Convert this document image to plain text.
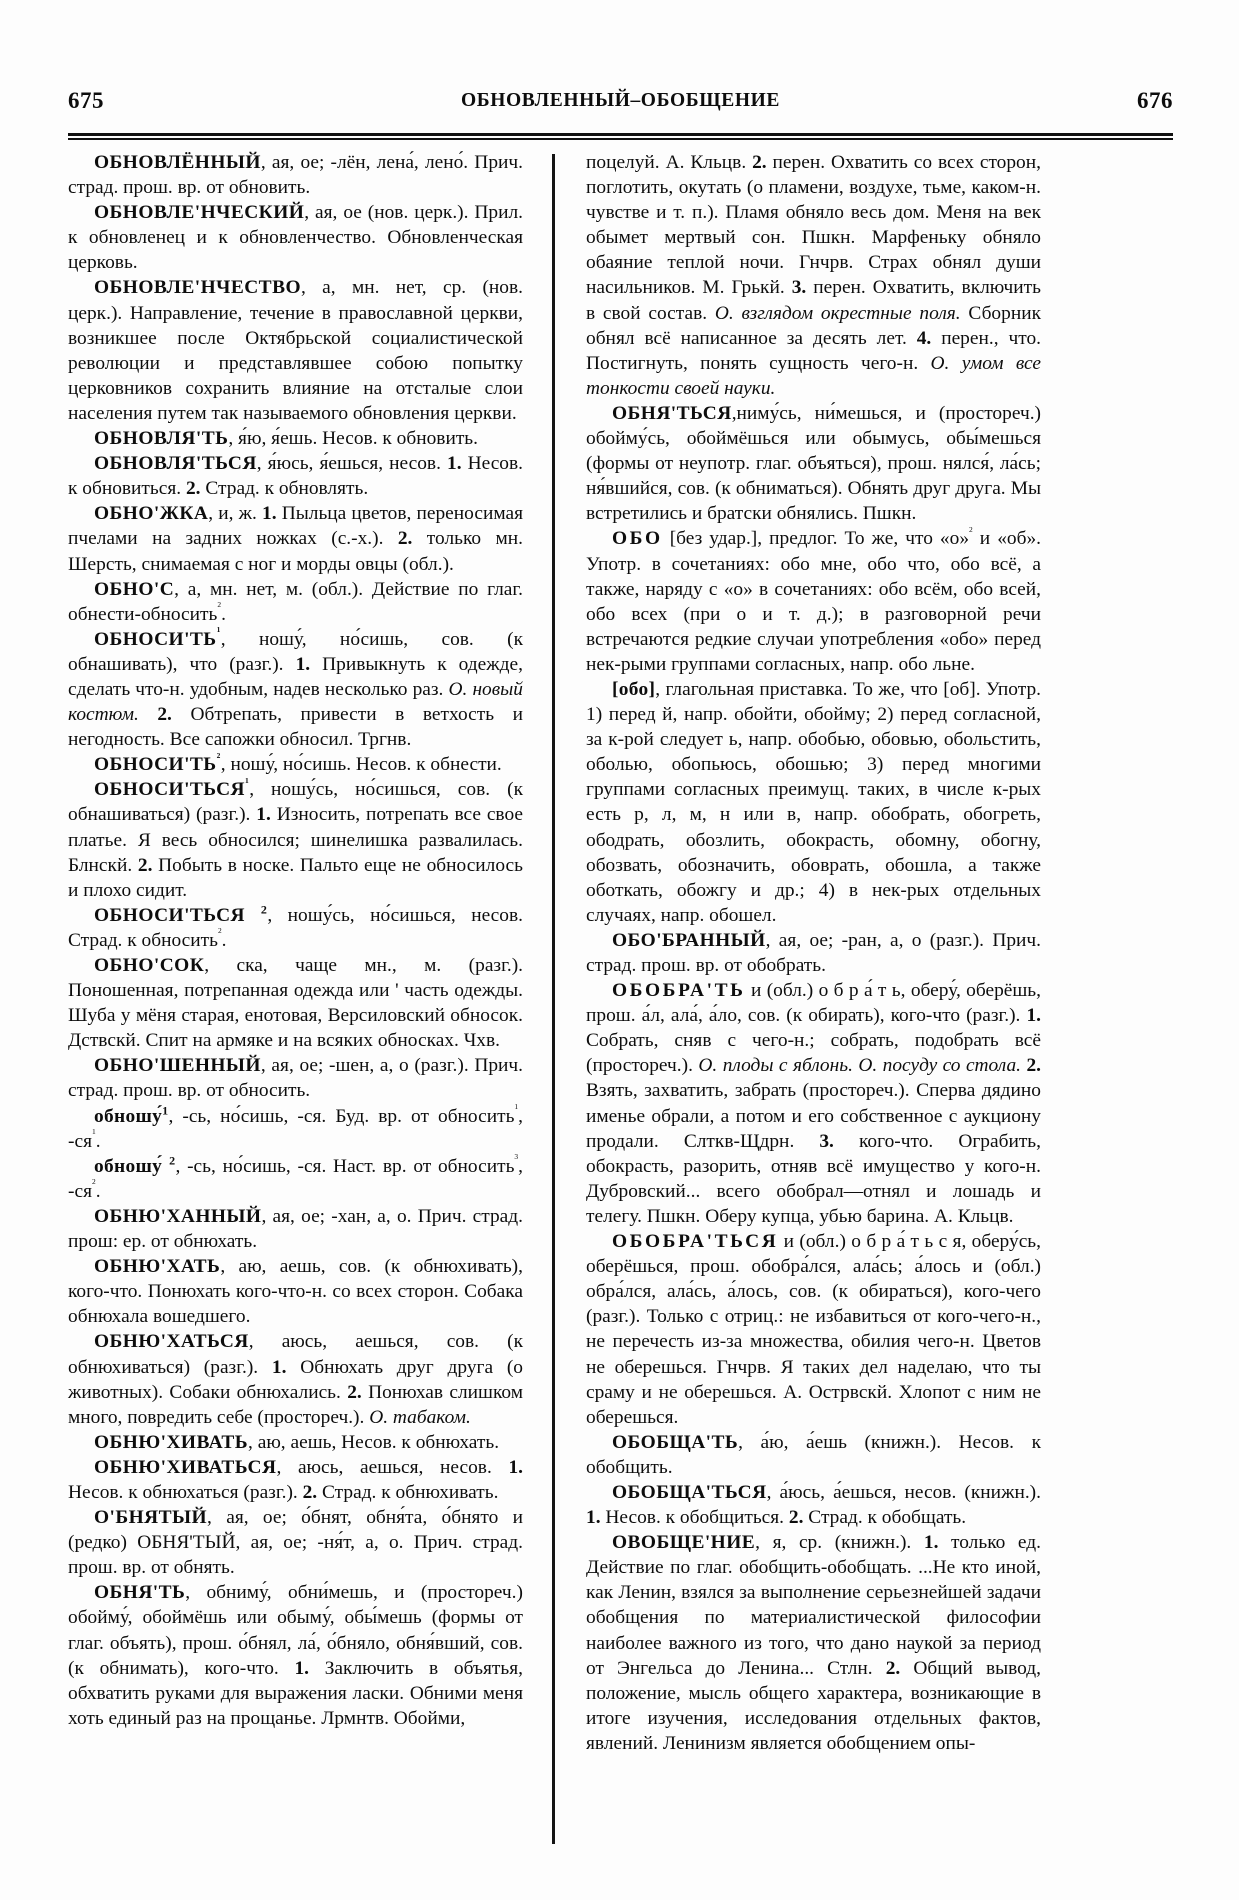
675	ОБНОВЛЕННЫЙ–ОБОБЩЕНИЕ	676

ОБНОВЛЁННЫЙ, ая, ое; -лён, лена́, лено́. Прич. страд. прош. вр. от обновить.

ОБНОВЛЕ'НЧЕСКИЙ, ая, ое (нов. церк.). Прил. к обновленец и к обновленчество. Обновленческая церковь.

ОБНОВЛЕ'НЧЕСТВО, а, мн. нет, ср. (нов. церк.). Направление, течение в православной церкви, возникшее после Октябрьской социалистической революции и представлявшее собою попытку церковников сохранить влияние на отсталые слои населения путем так называемого обновления церкви.

ОБНОВЛЯ'ТЬ, я́ю, я́ешь. Несов. к обновить.

ОБНОВЛЯ'ТЬСЯ, я́юсь, я́ешься, несов. 1. Несов. к обновиться. 2. Страд. к обновлять.

ОБНО'ЖКА, и, ж. 1. Пыльца цветов, переносимая пчелами на задних ножках (с.-х.). 2. только мн. Шерсть, снимаемая с ног и морды овцы (обл.).

ОБНО'С, а, мн. нет, м. (обл.). Действие по глаг. обнести-обносить$^{^2}$.

$ОБНОСИ'ТЬ^{^1}$, ношу́, но́сишь, сов. (к обнашивать), что (разг.). 1. Привыкнуть к одежде, сделать что-н. удобным, надев несколько раз. О. новый костюм. 2. Обтрепать, привести в ветхость и негодность. Все сапожки обносил. Тргнв.

$ОБНОСИ'ТЬ^{^2}$, ношу́, но́сишь. Несов. к обнести.

ОБНОСИ'ТЬСЯ$^{^1}$, ношу́сь, но́сишься, сов. (к обнашиваться) (разг.). 1. Износить, потрепать все свое платье. Я весь обносился; шинелишка развалилась. Блнскй. 2. Побыть в носке. Пальто еще не обносилось и плохо сидит.

ОБНОСИ'ТЬСЯ $^2$, ношу́сь, но́сишься, несов. Страд. к обносить$^{^2}$.

ОБНО'СОК, ска, чаще мн., м. (разг.). Поношенная, потрепанная одежда или ' часть одежды. Шуба у мёня старая, енотовая, Версиловский обносок. Дствскй. Спит на армяке и на всяких обносках. Чхв.

ОБНО'ШЕННЫЙ, ая, ое; -шен, а, о (разг.). Прич. страд. прош. вр. от обносить.

обношу́$^1$, -сь, но́сишь, -ся. Буд. вр. от обносить$^{^1}$, $-ся^{^1}$.

обношу́ $^2$, -сь, но́сишь, -ся. Наст. вр. от обносить$^{^3}$, $-ся^{^2}$.

ОБНЮ'ХАННЫЙ, ая, ое; -хан, а, о. Прич. страд. прош: ер. от обнюхать.

ОБНЮ'ХАТЬ, аю, аешь, сов. (к обнюхивать), кого-что. Понюхать кого-что-н. со всех сторон. Собака обнюхала вошедшего.

ОБНЮ'ХАТЬСЯ, аюсь, аешься, сов. (к обнюхиваться) (разг.). 1. Обнюхать друг друга (о животных). Собаки обнюхались. 2. Понюхав слишком много, повредить себе (простореч.). О. табаком.

ОБНЮ'ХИВАТЬ, аю, аешь, Несов. к обнюхать.

ОБНЮ'ХИВАТЬСЯ, аюсь, аешься, несов. 1. Несов. к обнюхаться (разг.). 2. Страд. к обнюхивать.

О'БНЯТЫЙ, ая, ое; о́бнят, обня́та, о́бнято и (редко) ОБНЯ'ТЫЙ, ая, ое; -ня́т, а, о. Прич. страд. прош. вр. от обнять.

ОБНЯ'ТЬ, обниму́, обни́мешь, и (простореч.) обойму́, обоймёшь или обыму́, обы́мешь (формы от глаг. объять), прош. о́бнял, ла́, о́бняло, обня́вший, сов. (к обнимать), кого-что. 1. Заключить в объятья, обхватить руками для выражения ласки. Обними меня хоть единый раз на прощанье. Лрмнтв. Обойми,

поцелуй. А. Кльцв. 2. перен. Охватить со всех сторон, поглотить, окутать (о пламени, воздухе, тьме, каком-н. чувстве и т. п.). Пламя обняло весь дом. Меня на век обымет мертвый сон. Пшкн. Марфеньку обняло обаяние теплой ночи. Гнчрв. Страх обнял души насильников. М. Грькй. 3. перен. Охватить, включить в свой состав. О. взглядом окрестные поля. Сборник обнял всё написанное за десять лет. 4. перен., что. Постигнуть, понять сущность чего-н. О. умом все тонкости своей науки.

ОБНЯ'ТЬСЯ,ниму́сь, ни́мешься, и (простореч.) обойму́сь, обоймёшься или обымусь, обы́мешься (формы от неупотр. глаг. объяться), прош. нялся́, ла́сь; ня́вшийся, сов. (к обниматься). Обнять друг друга. Мы встретились и братски обнялись. Пшкн.

ОБО [без удар.], предлог. То же, что «о»$^{^2}$ и «об». Употр. в сочетаниях: обо мне, обо что, обо всё, а также, наряду с «о» в сочетаниях: обо всём, обо всей, обо всех (при о и т. д.); в разговорной речи встречаются редкие случаи употребления «обо» перед нек-рыми группами согласных, напр. обо льне.

[обо], глагольная приставка. То же, что [об]. Употр. 1) перед й, напр. обойти, обойму; 2) перед согласной, за к-рой следует ь, напр. обобью, обовью, обольстить, оболью, обопьюсь, обошью; 3) перед многими группами согласных преимущ. таких, в числе к-рых есть р, л, м, н или в, напр. обобрать, обогреть, ободрать, обозлить, обокрасть, обомну, обогну, обозвать, обозначить, обоврать, обошла, а также оботкать, обожгу и др.; 4) в нек-рых отдельных случаях, напр. обошел.

ОБО'БРАННЫЙ, ая, ое; -ран, а, о (разг.). Прич. страд. прош. вр. от обобрать.

ОБОБРА'ТЬ и (обл.) о б р а́ т ь, оберу́, оберёшь, прош. а́л, ала́, а́ло, сов. (к обирать), кого-что (разг.). 1. Собрать, сняв с чего-н.; собрать, подобрать всё (простореч.). О. плоды с яблонь. О. посуду со стола. 2. Взять, захватить, забрать (простореч.). Сперва дядино именье обрали, а потом и его собственное с аукциону продали. Слткв-Щдрн. 3. кого-что. Ограбить, обокрасть, разорить, отняв всё имущество у кого-н. Дубровский... всего обобрал—отнял и лошадь и телегу. Пшкн. Оберу купца, убью барина. А. Кльцв.

ОБОБРА'ТЬСЯ и (обл.) о б р а́ т ь с я, оберу́сь, оберёшься, прош. обобра́лся, ала́сь; а́лось и (обл.) обра́лся, ала́сь, а́лось, сов. (к обираться), кого-чего (разг.). Только с отриц.: не избавиться от кого-чего-н., не перечесть из-за множества, обилия чего-н. Цветов не оберешься. Гнчрв. Я таких дел наделаю, что ты сраму и не оберешься. А. Острвскй. Хлопот с ним не оберешься.

ОБОБЩА'ТЬ, а́ю, а́ешь (книжн.). Несов. к обобщить.

ОБОБЩА'ТЬСЯ, а́юсь, а́ешься, несов. (книжн.). 1. Несов. к обобщиться. 2. Страд. к обобщать.

ОВОБЩЕ'НИЕ, я, ср. (книжн.). 1. только ед. Действие по глаг. обобщить-обобщать. ...Не кто иной, как Ленин, взялся за выполнение серьезнейшей задачи обобщения по материалистической философии наиболее важного из того, что дано наукой за период от Энгельса до Ленина... Стлн. 2. Общий вывод, положение, мысль общего характера, возникающие в итоге изучения, исследования отдельных фактов, явлений. Ленинизм является обобщением опы-
